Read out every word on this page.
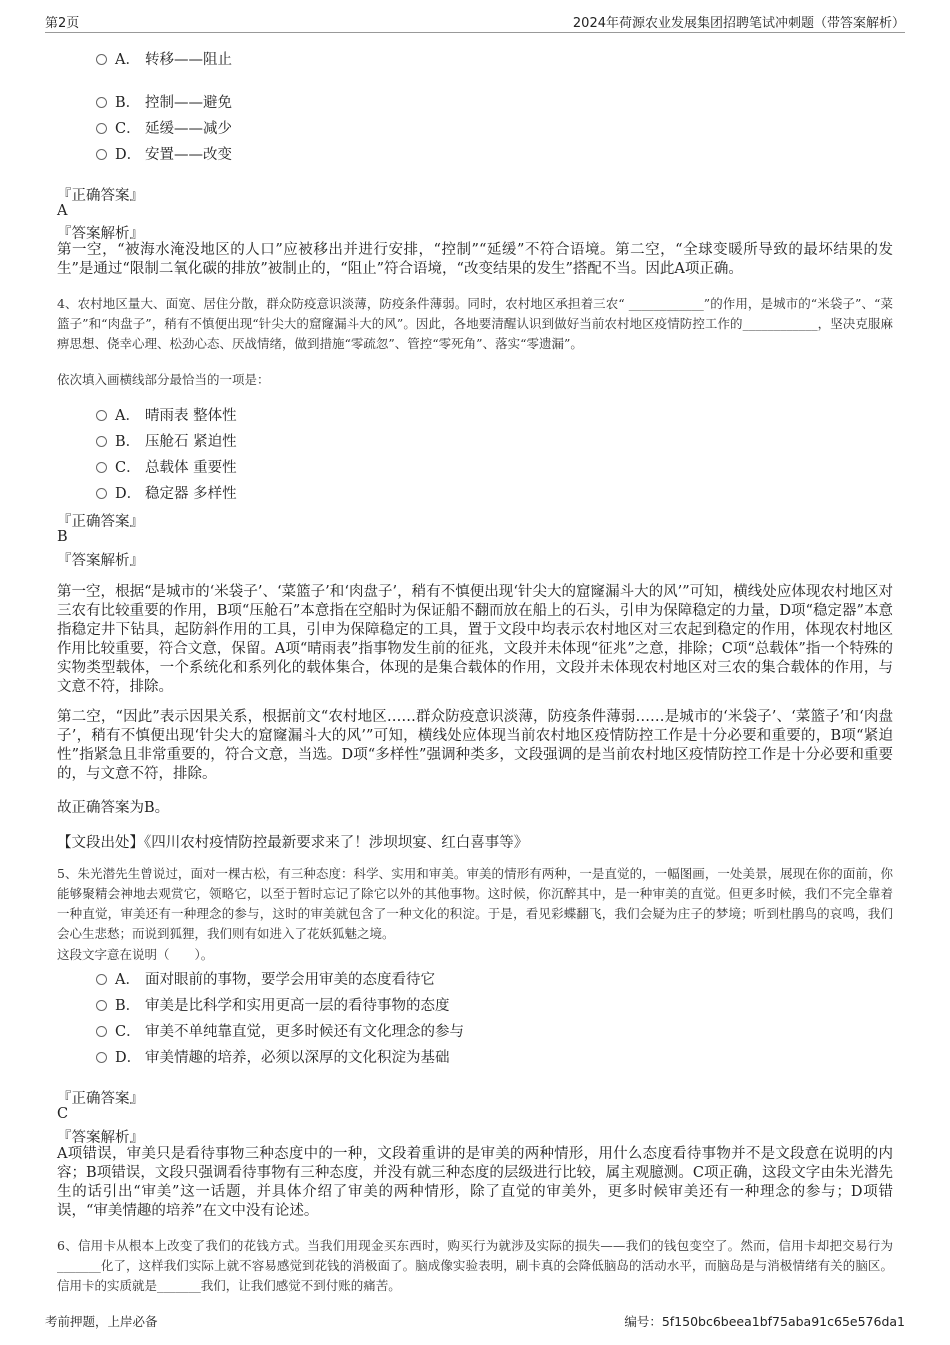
第2页	2024年荷源农业发展集团招聘笔试冲刺题（带答案解析）
A． 转移——阻止
B． 控制——避免
C． 延缓——减少
D． 安置——改变
『正确答案』
A
『答案解析』
第一空，“被海水淹没地区的人口”应被移出并进行安排，“控制”“延缓”不符合语境。第二空，“全球变暖所导致的最坏结果的发生”是通过“限制二氧化碳的排放”被制止的，“阻止”符合语境，“改变结果的发生”搭配不当。因此A项正确。
4、农村地区量大、面宽、居住分散，群众防疫意识淡薄，防疫条件薄弱。同时，农村地区承担着三农“ ____________”的作用，是城市的“米袋子”、“菜篮子”和“肉盘子”，稍有不慎便出现“针尖大的窟窿漏斗大的风”。因此，各地要清醒认识到做好当前农村地区疫情防控工作的____________，坚决克服麻痹思想、侥幸心理、松劲心态、厌战情绪，做到措施“零疏忽”、管控“零死角”、落实“零遗漏”。
依次填入画横线部分最恰当的一项是：
A． 晴雨表 整体性
B． 压舱石 紧迫性
C． 总载体 重要性
D． 稳定器 多样性
『正确答案』
B
『答案解析』
第一空，根据“是城市的‘米袋子’、‘菜篮子’和‘肉盘子’，稍有不慎便出现‘针尖大的窟窿漏斗大的风’”可知，横线处应体现农村地区对三农有比较重要的作用，B项“压舱石”本意指在空船时为保证船不翻而放在船上的石头，引申为保障稳定的力量，D项“稳定器”本意指稳定井下钻具，起防斜作用的工具，引申为保障稳定的工具，置于文段中均表示农村地区对三农起到稳定的作用，体现农村地区作用比较重要，符合文意，保留。A项“晴雨表”指事物发生前的征兆，文段并未体现“征兆”之意，排除；C项“总载体”指一个特殊的实物类型载体，一个系统化和系列化的载体集合，体现的是集合载体的作用，文段并未体现农村地区对三农的集合载体的作用，与文意不符，排除。
第二空，“因此”表示因果关系，根据前文“农村地区……群众防疫意识淡薄，防疫条件薄弱……是城市的‘米袋子’、‘菜篮子’和‘肉盘子’，稍有不慎便出现‘针尖大的窟窿漏斗大的风’”可知，横线处应体现当前农村地区疫情防控工作是十分必要和重要的，B项“紧迫性”指紧急且非常重要的，符合文意，当选。D项“多样性”强调种类多，文段强调的是当前农村地区疫情防控工作是十分必要和重要的，与文意不符，排除。
故正确答案为B。
【文段出处】《四川农村疫情防控最新要求来了！涉坝坝宴、红白喜事等》
5、朱光潜先生曾说过，面对一棵古松，有三种态度：科学、实用和审美。审美的情形有两种，一是直觉的，一幅图画，一处美景，展现在你的面前，你能够聚精会神地去观赏它，领略它，以至于暂时忘记了除它以外的其他事物。这时候，你沉醉其中，是一种审美的直觉。但更多时候，我们不完全靠着一种直觉，审美还有一种理念的参与，这时的审美就包含了一种文化的积淀。于是，看见彩蝶翻飞，我们会疑为庄子的梦境；听到杜鹃鸟的哀鸣，我们会心生悲愁；而说到狐狸，我们则有如进入了花妖狐魅之境。
这段文字意在说明（　　）。
A． 面对眼前的事物，要学会用审美的态度看待它
B． 审美是比科学和实用更高一层的看待事物的态度
C． 审美不单纯靠直觉，更多时候还有文化理念的参与
D． 审美情趣的培养，必须以深厚的文化积淀为基础
『正确答案』
C
『答案解析』
A项错误，审美只是看待事物三种态度中的一种，文段着重讲的是审美的两种情形，用什么态度看待事物并不是文段意在说明的内容；B项错误，文段只强调看待事物有三种态度，并没有就三种态度的层级进行比较，属主观臆测。C项正确，这段文字由朱光潜先生的话引出“审美”这一话题，并具体介绍了审美的两种情形，除了直觉的审美外，更多时候审美还有一种理念的参与；D项错误，“审美情趣的培养”在文中没有论述。
6、信用卡从根本上改变了我们的花钱方式。当我们用现金买东西时，购买行为就涉及实际的损失——我们的钱包变空了。然而，信用卡却把交易行为_______化了，这样我们实际上就不容易感觉到花钱的消极面了。脑成像实验表明，刷卡真的会降低脑岛的活动水平，而脑岛是与消极情绪有关的脑区。信用卡的实质就是_______我们，让我们感觉不到付账的痛苦。
考前押题，上岸必备	编号：5f150bc6beea1bf75aba91c65e576da1
